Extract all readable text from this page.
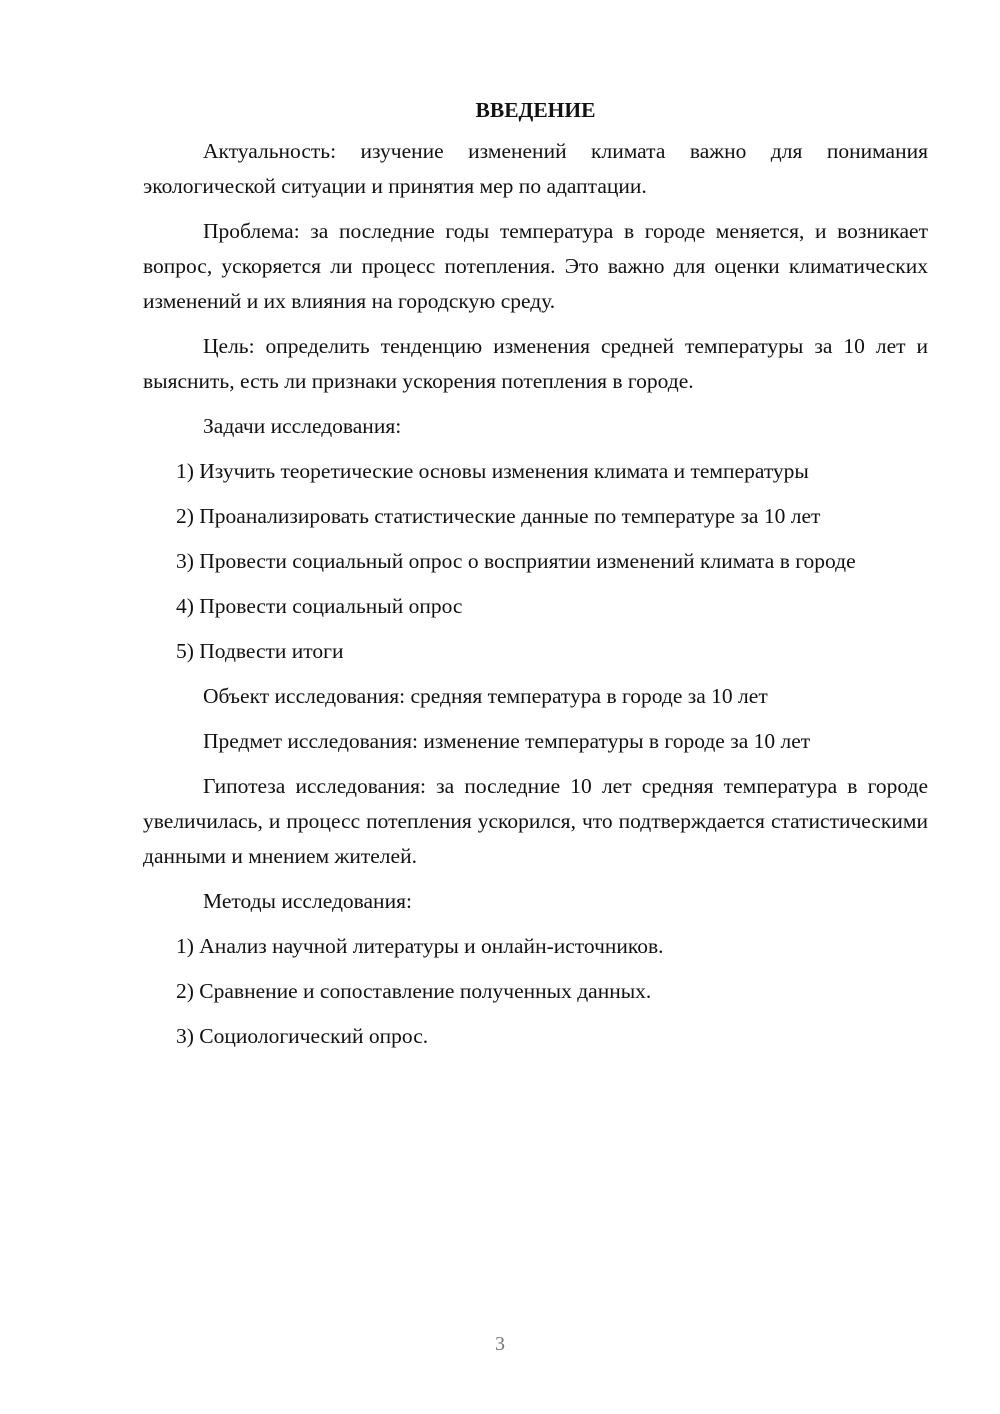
ВВЕДЕНИЕ

Актуальность: изучение изменений климата важно для понимания экологической ситуации и принятия мер по адаптации.

Проблема: за последние годы температура в городе меняется, и возникает вопрос, ускоряется ли процесс потепления. Это важно для оценки климатических изменений и их влияния на городскую среду.

Цель: определить тенденцию изменения средней температуры за 10 лет и выяснить, есть ли признаки ускорения потепления в городе.

Задачи исследования:

1) Изучить теоретические основы изменения климата и температуры

2) Проанализировать статистические данные по температуре за 10 лет

3) Провести социальный опрос о восприятии изменений климата в городе

4) Провести социальный опрос

5) Подвести итоги

Объект исследования: средняя температура в городе за 10 лет

Предмет исследования: изменение температуры в городе за 10 лет

Гипотеза исследования: за последние 10 лет средняя температура в городе увеличилась, и процесс потепления ускорился, что подтверждается статистическими данными и мнением жителей.

Методы исследования:

1) Анализ научной литературы и онлайн-источников.

2) Сравнение и сопоставление полученных данных.

3) Социологический опрос.

3
